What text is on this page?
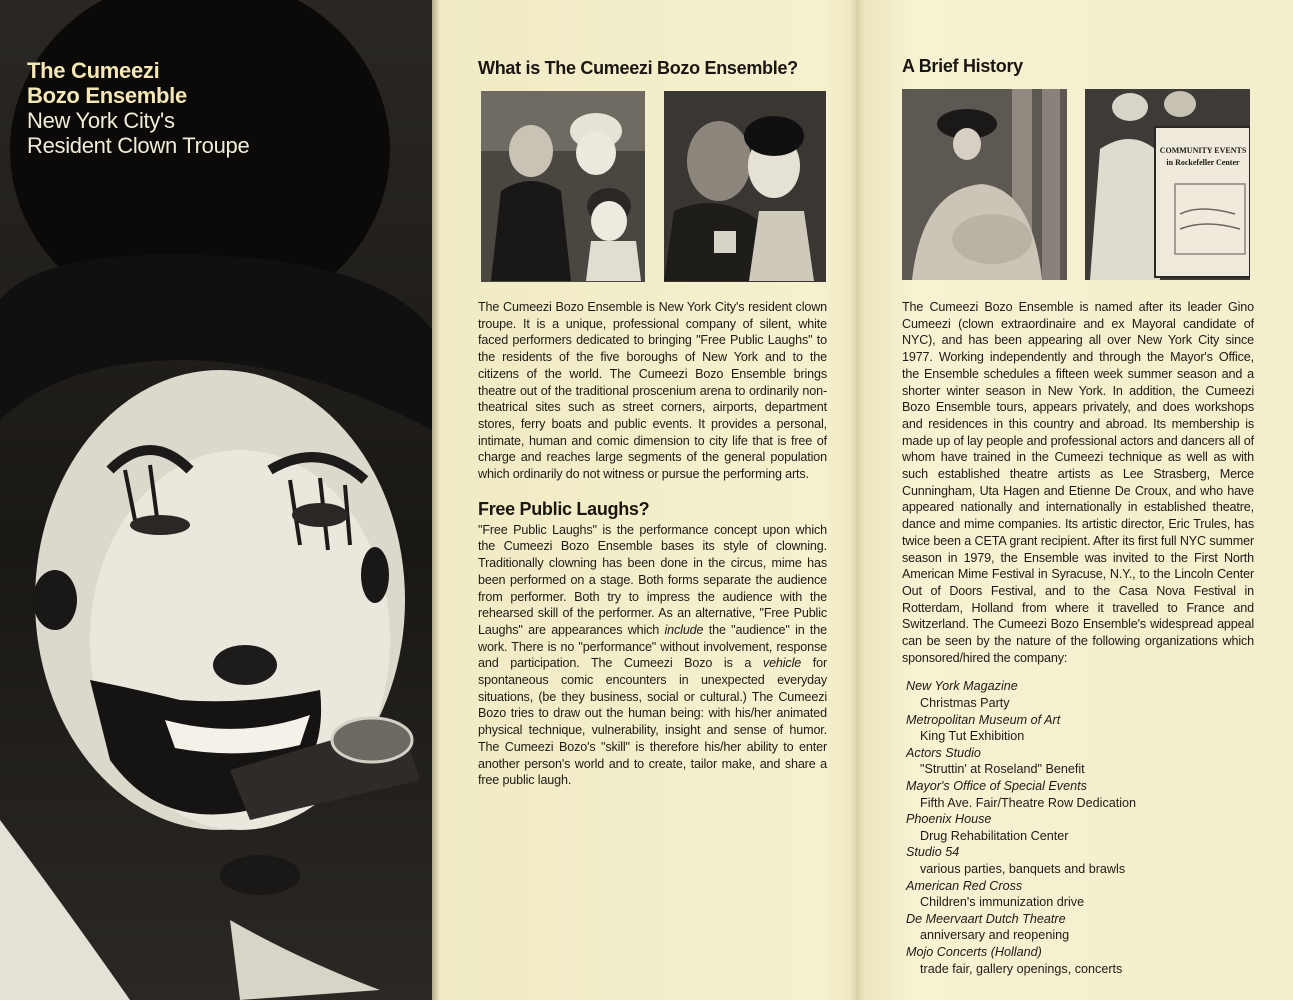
The Cumeezi
Bozo Ensemble
New York City's
Resident Clown Troupe
What is The Cumeezi Bozo Ensemble?

The Cumeezi Bozo Ensemble is New York City's resident clown troupe. It is a unique, professional company of silent, white faced performers dedicated to bringing "Free Public Laughs" to the residents of the five boroughs of New York and to the citizens of the world. The Cumeezi Bozo Ensemble brings theatre out of the traditional proscenium arena to ordinarily non-theatrical sites such as street corners, airports, department stores, ferry boats and public events. It provides a personal, intimate, human and comic dimension to city life that is free of charge and reaches large segments of the general population which ordinarily do not witness or pursue the performing arts.

Free Public Laughs?

"Free Public Laughs" is the performance concept upon which the Cumeezi Bozo Ensemble bases its style of clowning. Traditionally clowning has been done in the circus, mime has been performed on a stage. Both forms separate the audience from performer. Both try to impress the audience with the rehearsed skill of the performer. As an alternative, "Free Public Laughs" are appearances which include the "audience" in the work. There is no "performance" without involvement, response and participation. The Cumeezi Bozo is a vehicle for spontaneous comic encounters in unexpected everyday situations, (be they business, social or cultural.) The Cumeezi Bozo tries to draw out the human being: with his/her animated physical technique, vulnerability, insight and sense of humor. The Cumeezi Bozo's "skill" is therefore his/her ability to enter another person's world and to create, tailor make, and share a free public laugh.

A Brief History
COMMUNITY EVENTS
in Rockefeller Center

The Cumeezi Bozo Ensemble is named after its leader Gino Cumeezi (clown extraordinaire and ex Mayoral candidate of NYC), and has been appearing all over New York City since 1977. Working independently and through the Mayor's Office, the Ensemble schedules a fifteen week summer season and a shorter winter season in New York. In addition, the Cumeezi Bozo Ensemble tours, appears privately, and does workshops and residences in this country and abroad. Its membership is made up of lay people and professional actors and dancers all of whom have trained in the Cumeezi technique as well as with such established theatre artists as Lee Strasberg, Merce Cunningham, Uta Hagen and Etienne De Croux, and who have appeared nationally and internationally in established theatre, dance and mime companies. Its artistic director, Eric Trules, has twice been a CETA grant recipient. After its first full NYC summer season in 1979, the Ensemble was invited to the First North American Mime Festival in Syracuse, N.Y., to the Lincoln Center Out of Doors Festival, and to the Casa Nova Festival in Rotterdam, Holland from where it travelled to France and Switzerland. The Cumeezi Bozo Ensemble's widespread appeal can be seen by the nature of the following organizations which sponsored/hired the company:

New York Magazine
Christmas Party
Metropolitan Museum of Art
King Tut Exhibition
Actors Studio
"Struttin' at Roseland" Benefit
Mayor's Office of Special Events
Fifth Ave. Fair/Theatre Row Dedication
Phoenix House
Drug Rehabilitation Center
Studio 54
various parties, banquets and brawls
American Red Cross
Children's immunization drive
De Meervaart Dutch Theatre
anniversary and reopening
Mojo Concerts (Holland)
trade fair, gallery openings, concerts
